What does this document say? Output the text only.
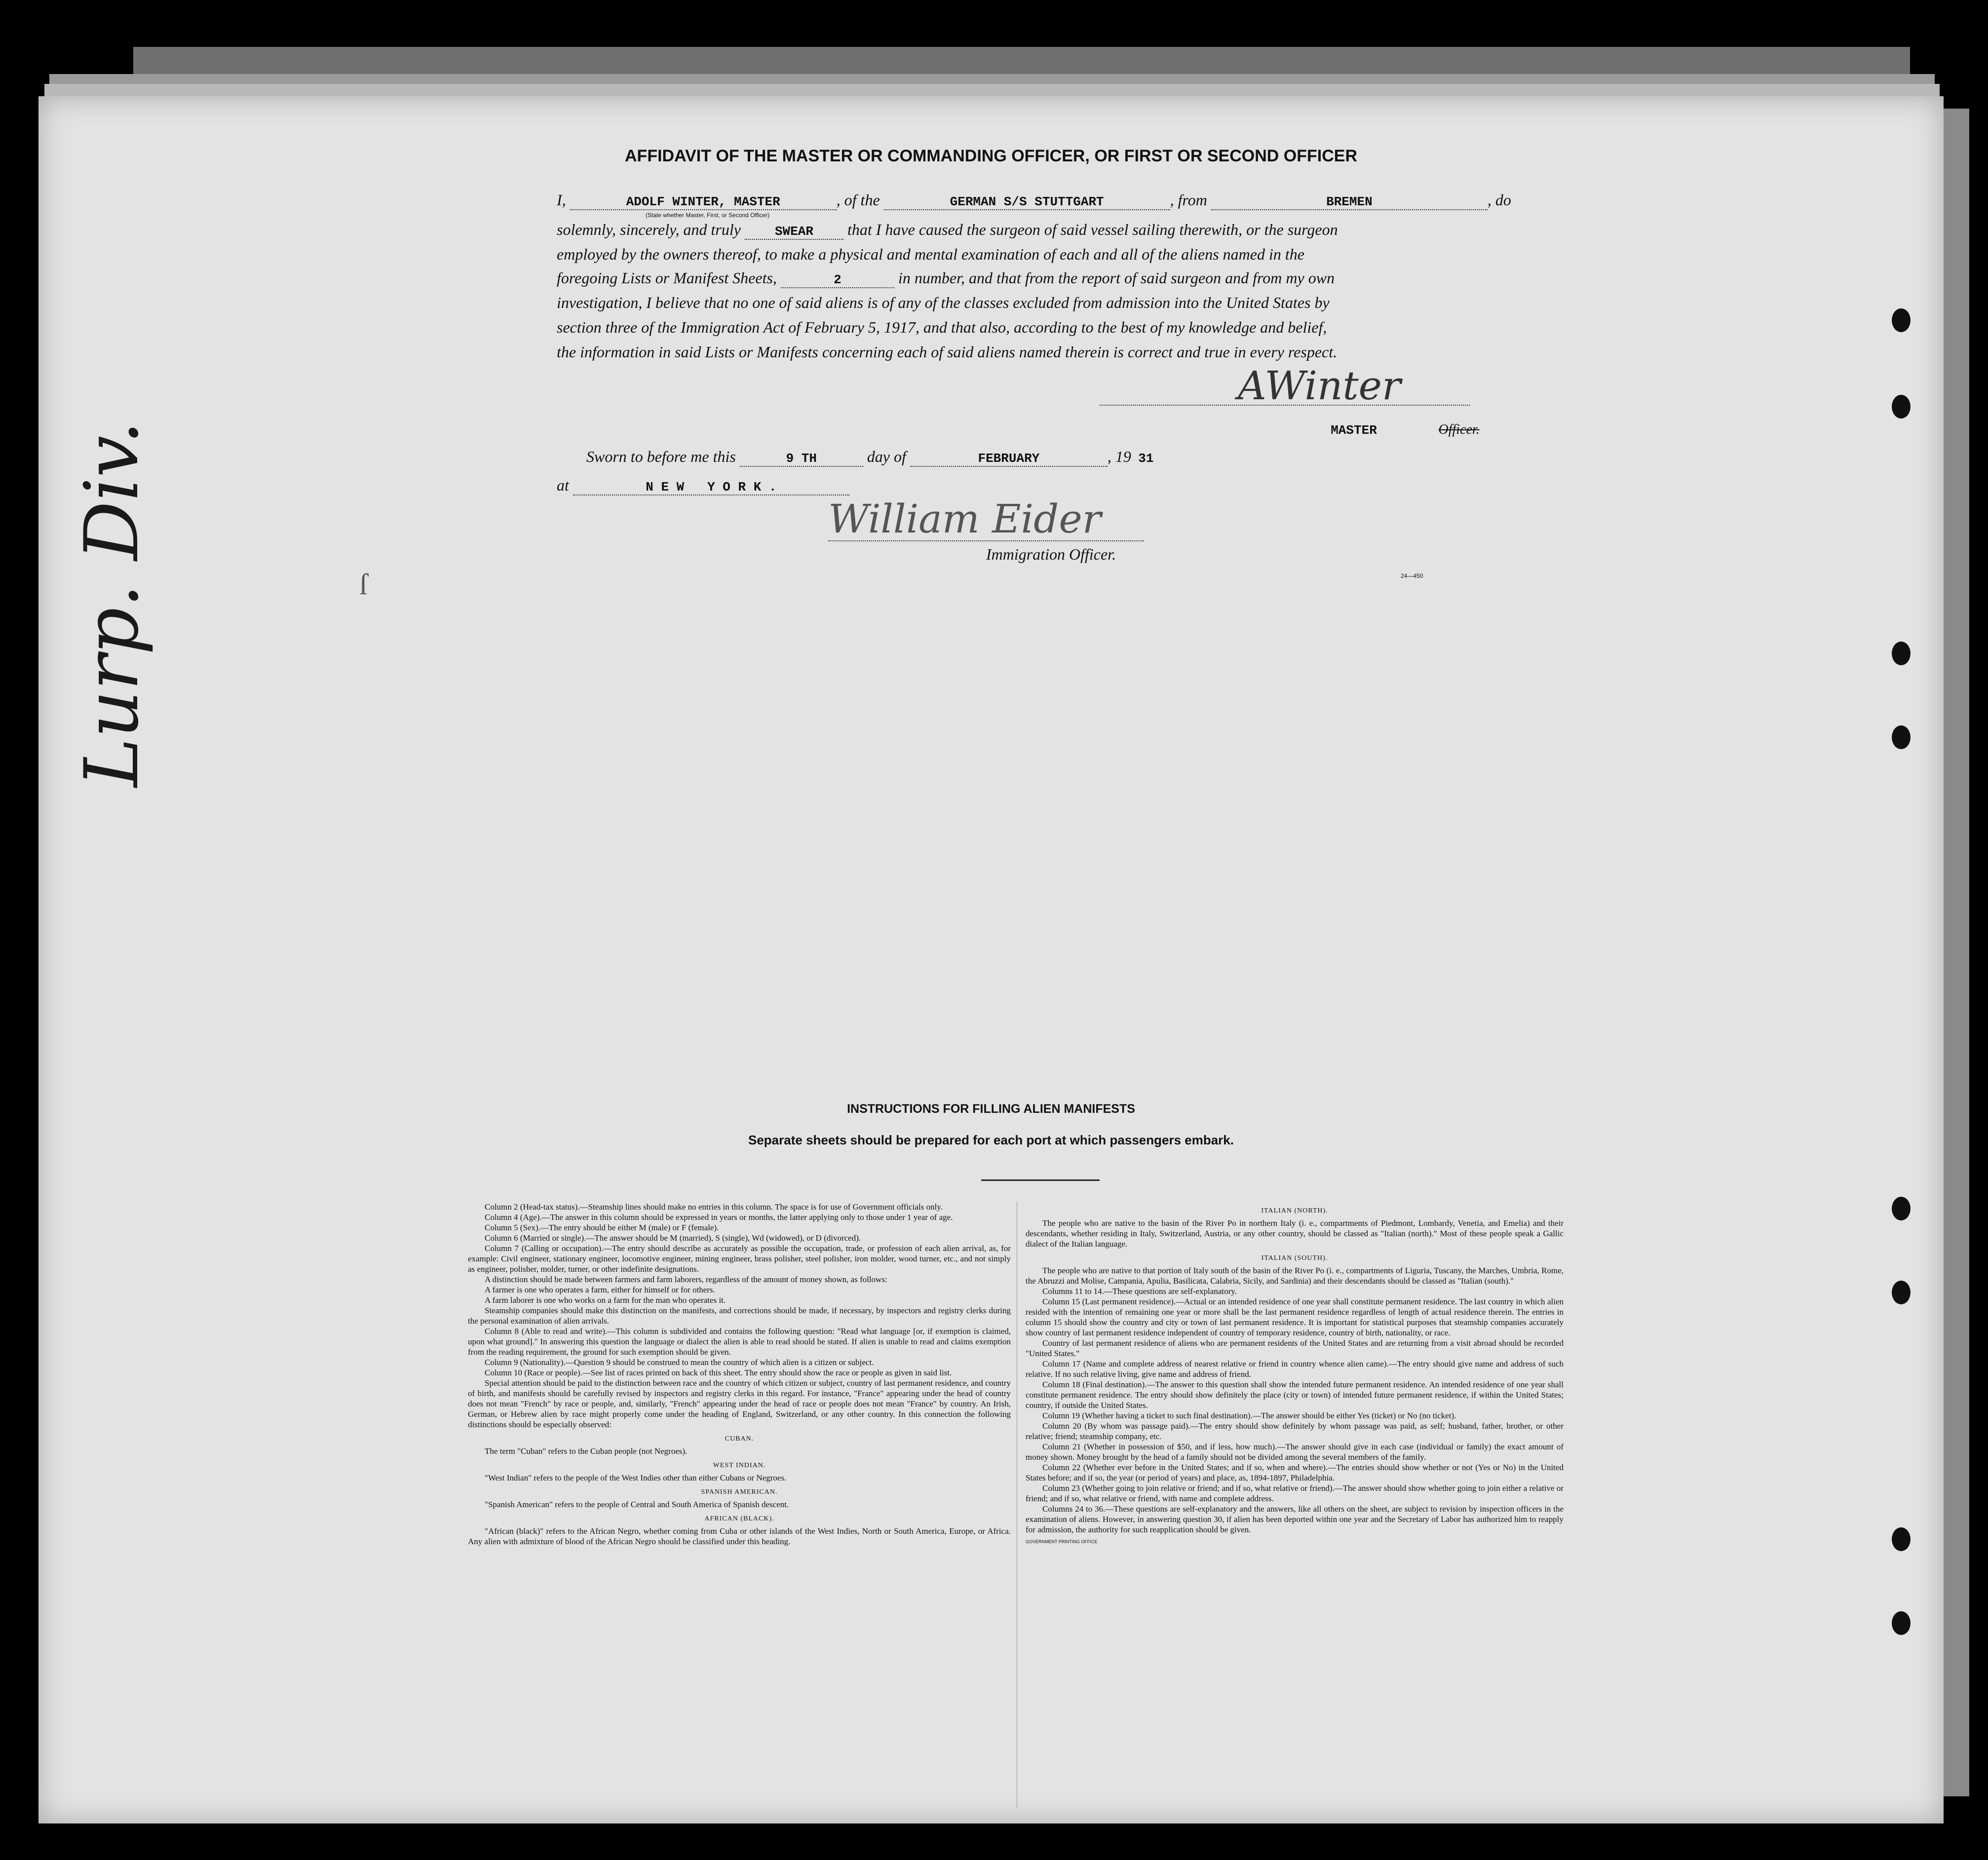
AFFIDAVIT OF THE MASTER OR COMMANDING OFFICER, OR FIRST OR SECOND OFFICER
I,	ADOLF WINTER, MASTER	, of the	GERMAN S/S STUTTGART	, from	BREMEN	, do
(State whether Master, First, or Second Officer)
solemnly, sincerely, and truly	SWEAR that I have caused the surgeon of said vessel sailing therewith, or the surgeon
employed by the owners thereof, to make a physical and mental examination of each and all of the aliens named in the
foregoing Lists or Manifest Sheets,	2	in number, and that from the report of said surgeon and from my own
investigation, I believe that no one of said aliens is of any of the classes excluded from admission into the United States by
section three of the Immigration Act of February 5, 1917, and that also, according to the best of my knowledge and belief,
the information in said Lists or Manifests concerning each of said aliens named therein is correct and true in every respect.
AWinter
MASTER	Officer.
Sworn to before me this	9 TH	day of	FEBRUARY	, 19 31
at	N E W   Y O R K .
William Eider
Immigration Officer.
24—450
Lurp. Div.	ſ
INSTRUCTIONS FOR FILLING ALIEN MANIFESTS
Separate sheets should be prepared for each port at which passengers embark.

Column 2 (Head-tax status).—Steamship lines should make no entries in this column. The space is for use of Government officials only.

Column 4 (Age).—The answer in this column should be expressed in years or months, the latter applying only to those under 1 year of age.

Column 5 (Sex).—The entry should be either M (male) or F (female).

Column 6 (Married or single).—The answer should be M (married), S (single), Wd (widowed), or D (divorced).

Column 7 (Calling or occupation).—The entry should describe as accurately as possible the occupation, trade, or profession of each alien arrival, as, for example: Civil engineer, stationary engineer, locomotive engineer, mining engineer, brass polisher, steel polisher, iron molder, wood turner, etc., and not simply as engineer, polisher, molder, turner, or other indefinite designations.

A distinction should be made between farmers and farm laborers, regardless of the amount of money shown, as follows:

A farmer is one who operates a farm, either for himself or for others.

A farm laborer is one who works on a farm for the man who operates it.

Steamship companies should make this distinction on the manifests, and corrections should be made, if necessary, by inspectors and registry clerks during the personal examination of alien arrivals.

Column 8 (Able to read and write).—This column is subdivided and contains the following question: "Read what language [or, if exemption is claimed, upon what ground]." In answering this question the language or dialect the alien is able to read should be stated. If alien is unable to read and claims exemption from the reading requirement, the ground for such exemption should be given.

Column 9 (Nationality).—Question 9 should be construed to mean the country of which alien is a citizen or subject.

Column 10 (Race or people).—See list of races printed on back of this sheet. The entry should show the race or people as given in said list.

Special attention should be paid to the distinction between race and the country of which citizen or subject, country of last permanent residence, and country of birth, and manifests should be carefully revised by inspectors and registry clerks in this regard. For instance, "France" appearing under the head of country does not mean "French" by race or people, and, similarly, "French" appearing under the head of race or people does not mean "France" by country. An Irish, German, or Hebrew alien by race might properly come under the heading of England, Switzerland, or any other country. In this connection the following distinctions should be especially observed:

CUBAN.

The term "Cuban" refers to the Cuban people (not Negroes).

WEST INDIAN.

"West Indian" refers to the people of the West Indies other than either Cubans or Negroes.

SPANISH AMERICAN.

"Spanish American" refers to the people of Central and South America of Spanish descent.

AFRICAN (BLACK).

"African (black)" refers to the African Negro, whether coming from Cuba or other islands of the West Indies, North or South America, Europe, or Africa. Any alien with admixture of blood of the African Negro should be classified under this heading.

ITALIAN (NORTH).

The people who are native to the basin of the River Po in northern Italy (i. e., compartments of Piedmont, Lombardy, Venetia, and Emelia) and their descendants, whether residing in Italy, Switzerland, Austria, or any other country, should be classed as "Italian (north)." Most of these people speak a Gallic dialect of the Italian language.

ITALIAN (SOUTH).

The people who are native to that portion of Italy south of the basin of the River Po (i. e., compartments of Liguria, Tuscany, the Marches, Umbria, Rome, the Abruzzi and Molise, Campania, Apulia, Basilicata, Calabria, Sicily, and Sardinia) and their descendants should be classed as "Italian (south)."

Columns 11 to 14.—These questions are self-explanatory.

Column 15 (Last permanent residence).—Actual or an intended residence of one year shall constitute permanent residence. The last country in which alien resided with the intention of remaining one year or more shall be the last permanent residence regardless of length of actual residence therein. The entries in column 15 should show the country and city or town of last permanent residence. It is important for statistical purposes that steamship companies accurately show country of last permanent residence independent of country of temporary residence, country of birth, nationality, or race.

Country of last permanent residence of aliens who are permanent residents of the United States and are returning from a visit abroad should be recorded "United States."

Column 17 (Name and complete address of nearest relative or friend in country whence alien came).—The entry should give name and address of such relative. If no such relative living, give name and address of friend.

Column 18 (Final destination).—The answer to this question shall show the intended future permanent residence. An intended residence of one year shall constitute permanent residence. The entry should show definitely the place (city or town) of intended future permanent residence, if within the United States; country, if outside the United States.

Column 19 (Whether having a ticket to such final destination).—The answer should be either Yes (ticket) or No (no ticket).

Column 20 (By whom was passage paid).—The entry should show definitely by whom passage was paid, as self; husband, father, brother, or other relative; friend; steamship company, etc.

Column 21 (Whether in possession of $50, and if less, how much).—The answer should give in each case (individual or family) the exact amount of money shown. Money brought by the head of a family should not be divided among the several members of the family.

Column 22 (Whether ever before in the United States; and if so, when and where).—The entries should show whether or not (Yes or No) in the United States before; and if so, the year (or period of years) and place, as, 1894-1897, Philadelphia.

Column 23 (Whether going to join relative or friend; and if so, what relative or friend).—The answer should show whether going to join either a relative or friend; and if so, what relative or friend, with name and complete address.

Columns 24 to 36.—These questions are self-explanatory and the answers, like all others on the sheet, are subject to revision by inspection officers in the examination of aliens. However, in answering question 30, if alien has been deported within one year and the Secretary of Labor has authorized him to reapply for admission, the authority for such reapplication should be given.

GOVERNMENT PRINTING OFFICE
